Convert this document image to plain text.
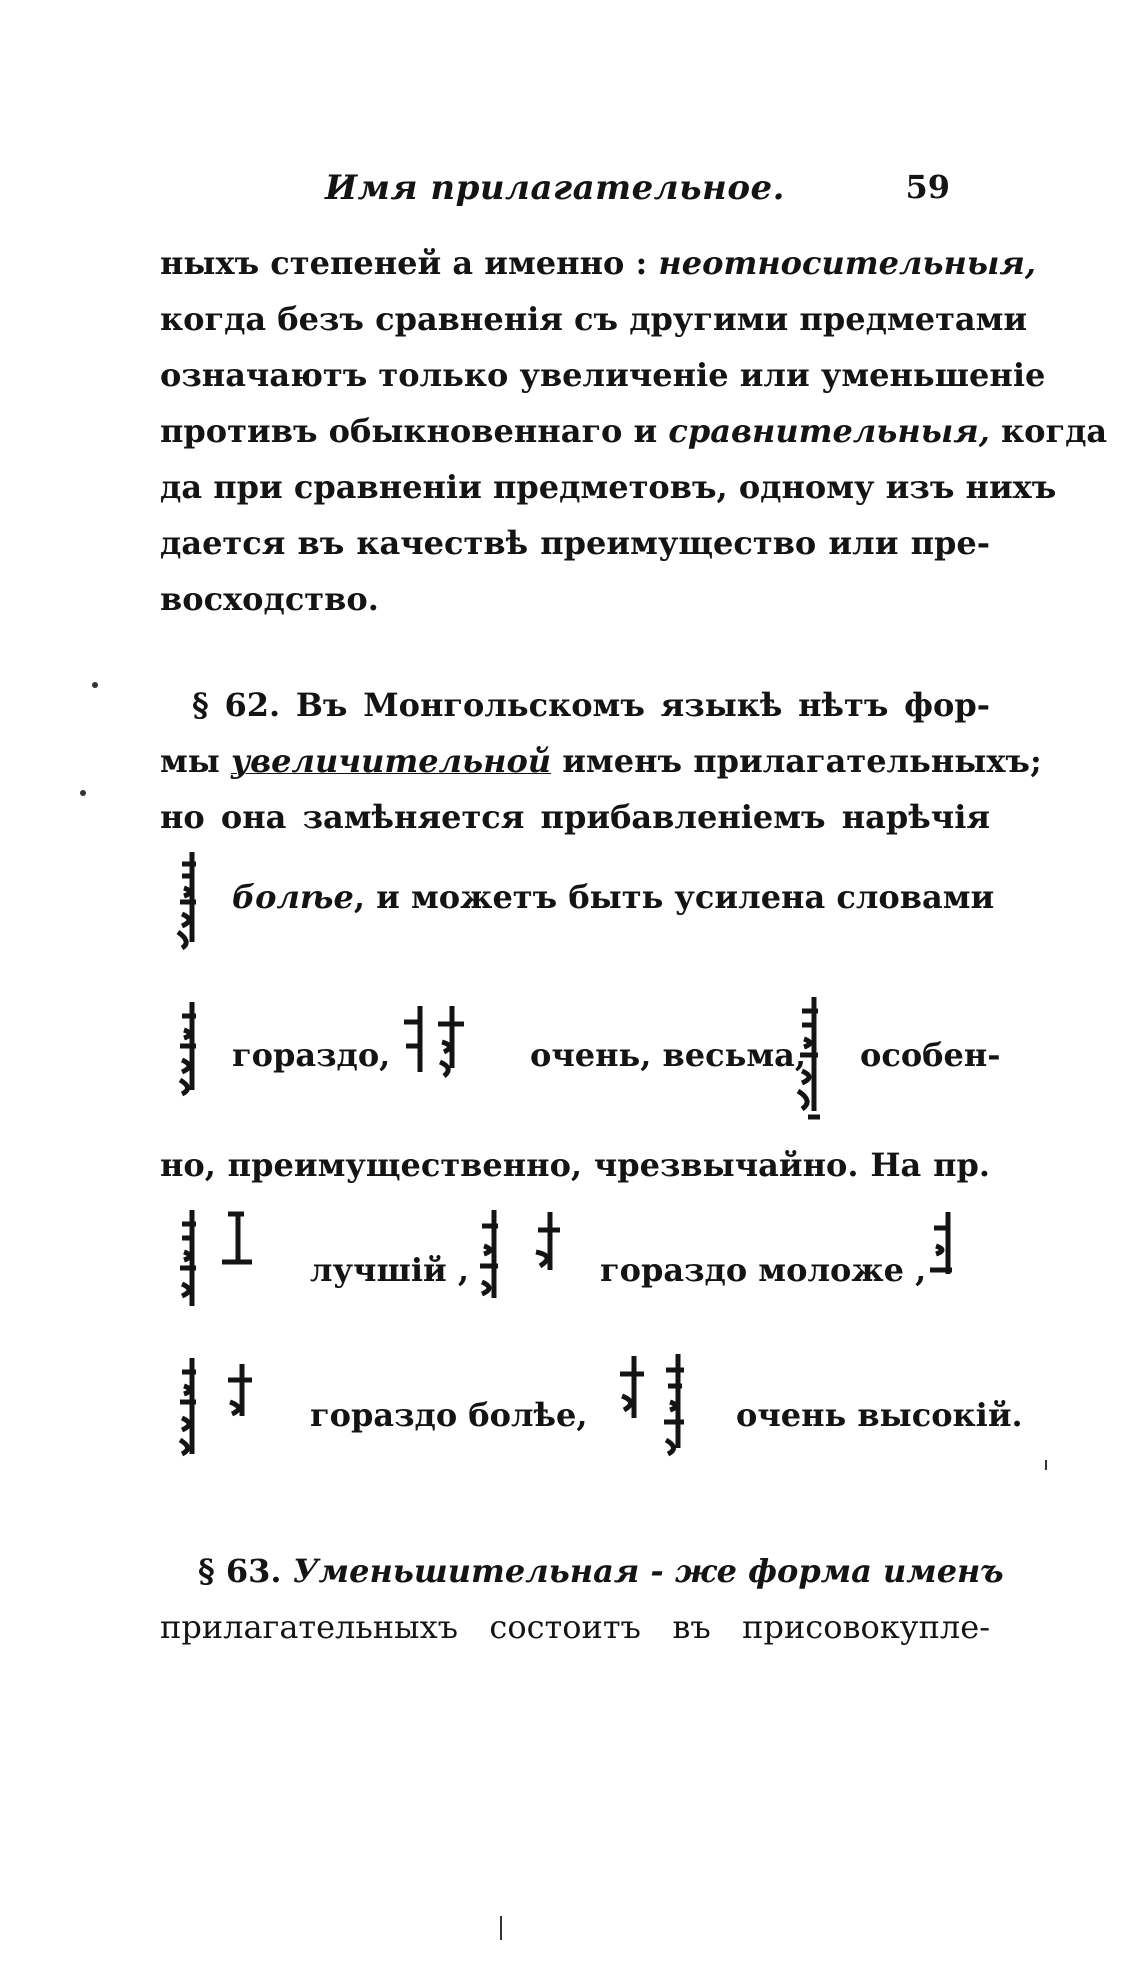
Имя прилагательное.	59
ныхъ степеней а именно : неотносительныя,
когда безъ сравненія съ другими предметами
означаютъ только увеличеніе или уменьшеніе
противъ обыкновеннаго и сравнительныя, когда
да при сравненіи предметовъ, одному изъ нихъ
дается въ качествѣ преимущество или пре-
восходство.
§ 62. Въ Монгольскомъ языкѣ нѣтъ фор-
мы увеличительной именъ прилагательныхъ;
но она замѣняется прибавленіемъ нарѣчія
болѣе, и можетъ быть усилена словами
гораздо,	очень, весьма, особен-
но, преимущественно, чрезвычайно. На пр.
лучшій ,	гораздо моложе ,
гораздо болѣе,	очень высокій.
§ 63. Уменьшительная - же форма именъ
прилагательныхъ состоитъ въ присовокупле-
